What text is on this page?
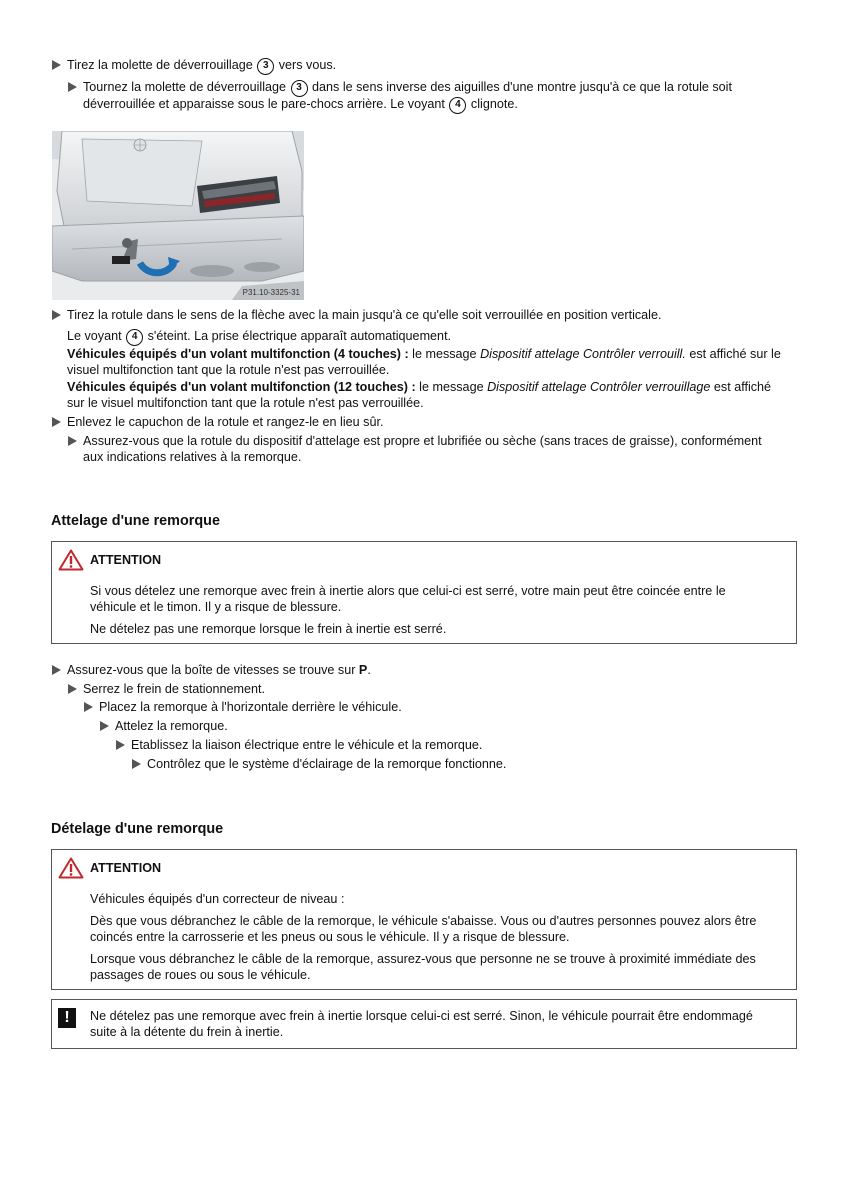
Tirez la molette de déverrouillage 3 vers vous.
Tournez la molette de déverrouillage 3 dans le sens inverse des aiguilles d'une montre jusqu'à ce que la rotule soit
déverrouillée et apparaisse sous le pare-chocs arrière. Le voyant 4 clignote.
P31.10-3325-31
Tirez la rotule dans le sens de la flèche avec la main jusqu'à ce qu'elle soit verrouillée en position verticale.
Le voyant 4 s'éteint. La prise électrique apparaît automatiquement.
Véhicules équipés d'un volant multifonction (4 touches) : le message Dispositif attelage Contrôler verrouill. est affiché sur le
visuel multifonction tant que la rotule n'est pas verrouillée.
Véhicules équipés d'un volant multifonction (12 touches) : le message Dispositif attelage Contrôler verrouillage est affiché
sur le visuel multifonction tant que la rotule n'est pas verrouillée.
Enlevez le capuchon de la rotule et rangez-le en lieu sûr.
Assurez-vous que la rotule du dispositif d'attelage est propre et lubrifiée ou sèche (sans traces de graisse), conformément
aux indications relatives à la remorque.
Attelage d'une remorque
ATTENTION
Si vous dételez une remorque avec frein à inertie alors que celui-ci est serré, votre main peut être coincée entre le
véhicule et le timon. Il y a risque de blessure.
Ne dételez pas une remorque lorsque le frein à inertie est serré.
Assurez-vous que la boîte de vitesses se trouve sur P.
Serrez le frein de stationnement.
Placez la remorque à l'horizontale derrière le véhicule.
Attelez la remorque.
Etablissez la liaison électrique entre le véhicule et la remorque.
Contrôlez que le système d'éclairage de la remorque fonctionne.
Dételage d'une remorque
ATTENTION
Véhicules équipés d'un correcteur de niveau :
Dès que vous débranchez le câble de la remorque, le véhicule s'abaisse. Vous ou d'autres personnes pouvez alors être
coincés entre la carrosserie et les pneus ou sous le véhicule. Il y a risque de blessure.
Lorsque vous débranchez le câble de la remorque, assurez-vous que personne ne se trouve à proximité immédiate des
passages de roues ou sous le véhicule.
!	Ne dételez pas une remorque avec frein à inertie lorsque celui-ci est serré. Sinon, le véhicule pourrait être endommagé
suite à la détente du frein à inertie.
